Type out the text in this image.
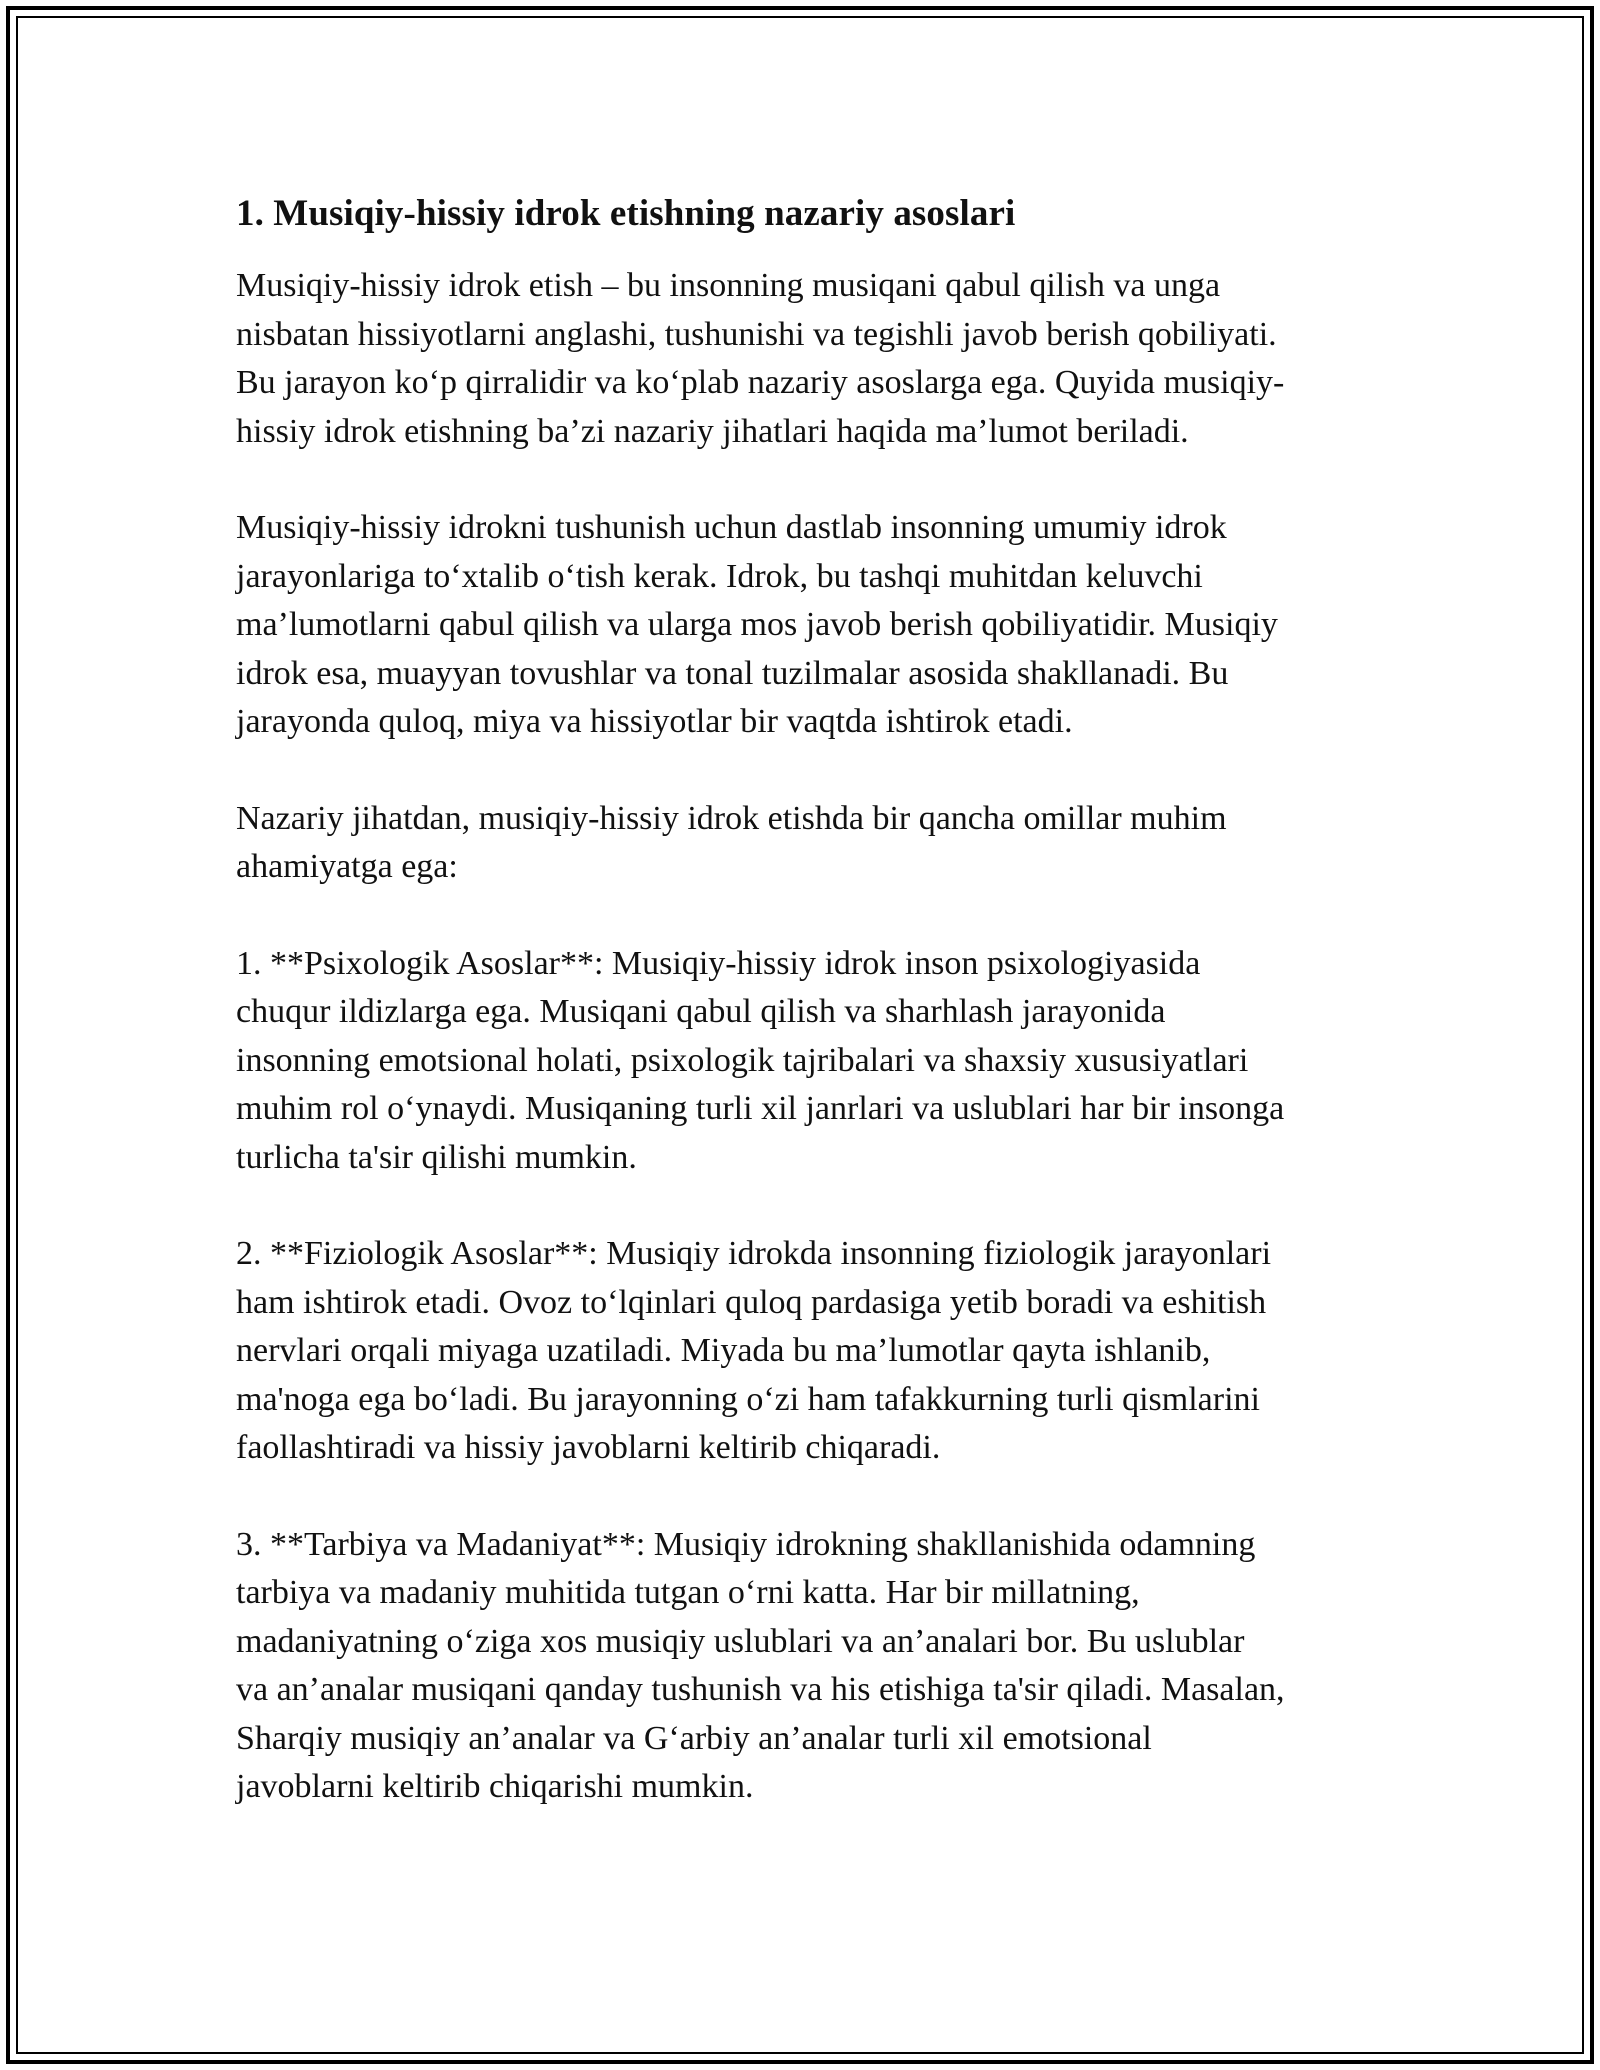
1. Musiqiy-hissiy idrok etishning nazariy asoslari

Musiqiy-hissiy idrok etish – bu insonning musiqani qabul qilish va unga
nisbatan hissiyotlarni anglashi, tushunishi va tegishli javob berish qobiliyati.
Bu jarayon ko‘p qirralidir va ko‘plab nazariy asoslarga ega. Quyida musiqiy-
hissiy idrok etishning ba’zi nazariy jihatlari haqida ma’lumot beriladi.

Musiqiy-hissiy idrokni tushunish uchun dastlab insonning umumiy idrok
jarayonlariga to‘xtalib o‘tish kerak. Idrok, bu tashqi muhitdan keluvchi
ma’lumotlarni qabul qilish va ularga mos javob berish qobiliyatidir. Musiqiy
idrok esa, muayyan tovushlar va tonal tuzilmalar asosida shakllanadi. Bu
jarayonda quloq, miya va hissiyotlar bir vaqtda ishtirok etadi.

Nazariy jihatdan, musiqiy-hissiy idrok etishda bir qancha omillar muhim
ahamiyatga ega:

1. **Psixologik Asoslar**: Musiqiy-hissiy idrok inson psixologiyasida
chuqur ildizlarga ega. Musiqani qabul qilish va sharhlash jarayonida
insonning emotsional holati, psixologik tajribalari va shaxsiy xususiyatlari
muhim rol o‘ynaydi. Musiqaning turli xil janrlari va uslublari har bir insonga
turlicha ta'sir qilishi mumkin.

2. **Fiziologik Asoslar**: Musiqiy idrokda insonning fiziologik jarayonlari
ham ishtirok etadi. Ovoz to‘lqinlari quloq pardasiga yetib boradi va eshitish
nervlari orqali miyaga uzatiladi. Miyada bu ma’lumotlar qayta ishlanib,
ma'noga ega bo‘ladi. Bu jarayonning o‘zi ham tafakkurning turli qismlarini
faollashtiradi va hissiy javoblarni keltirib chiqaradi.

3. **Tarbiya va Madaniyat**: Musiqiy idrokning shakllanishida odamning
tarbiya va madaniy muhitida tutgan o‘rni katta. Har bir millatning,
madaniyatning o‘ziga xos musiqiy uslublari va an’analari bor. Bu uslublar
va an’analar musiqani qanday tushunish va his etishiga ta'sir qiladi. Masalan,
Sharqiy musiqiy an’analar va G‘arbiy an’analar turli xil emotsional
javoblarni keltirib chiqarishi mumkin.
